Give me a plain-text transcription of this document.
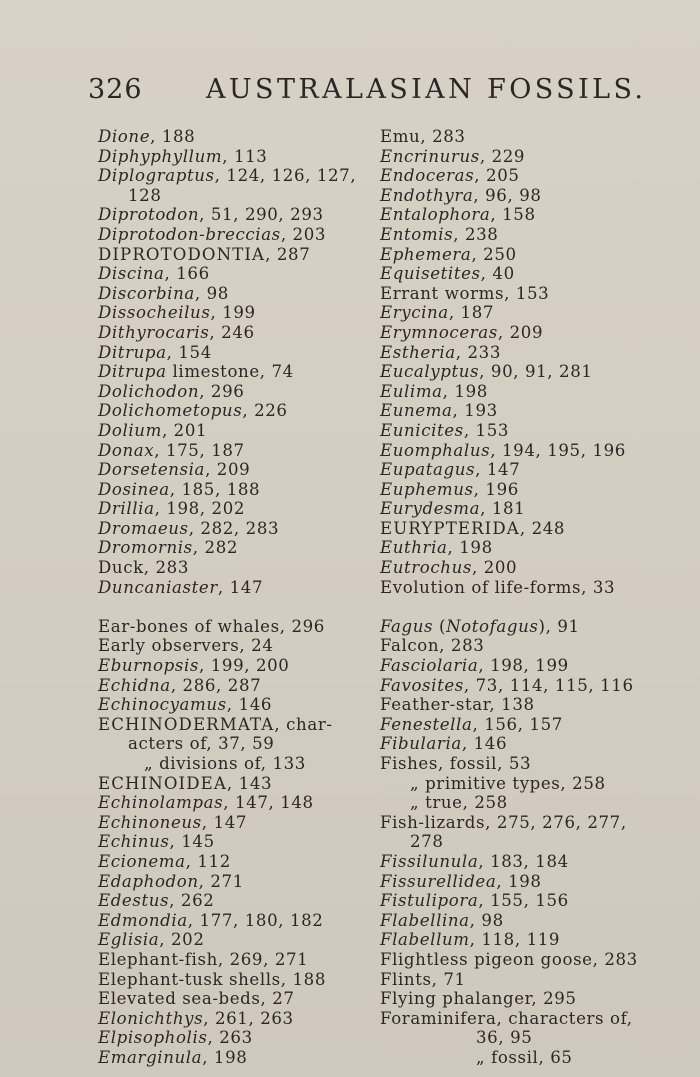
326 AUSTRALASIAN FOSSILS.
Dione, 188
Diphyphyllum, 113
Diplograptus, 124, 126, 127,
128
Diprotodon, 51, 290, 293
Diprotodon-breccias, 203
DIPROTODONTIA, 287
Discina, 166
Discorbina, 98
Dissocheilus, 199
Dithyrocaris, 246
Ditrupa, 154
Ditrupa limestone, 74
Dolichodon, 296
Dolichometopus, 226
Dolium, 201
Donax, 175, 187
Dorsetensia, 209
Dosinea, 185, 188
Drillia, 198, 202
Dromaeus, 282, 283
Dromornis, 282
Duck, 283
Duncaniaster, 147
Ear-bones of whales, 296
Early observers, 24
Eburnopsis, 199, 200
Echidna, 286, 287
Echinocyamus, 146
ECHINODERMATA, char-
acters of, 37, 59
„ divisions of, 133
ECHINOIDEA, 143
Echinolampas, 147, 148
Echinoneus, 147
Echinus, 145
Ecionema, 112
Edaphodon, 271
Edestus, 262
Edmondia, 177, 180, 182
Eglisia, 202
Elephant-fish, 269, 271
Elephant-tusk shells, 188
Elevated sea-beds, 27
Elonichthys, 261, 263
Elpisopholis, 263
Emarginula, 198
Emu, 283
Encrinurus, 229
Endoceras, 205
Endothyra, 96, 98
Entalophora, 158
Entomis, 238
Ephemera, 250
Equisetites, 40
Errant worms, 153
Erycina, 187
Erymnoceras, 209
Estheria, 233
Eucalyptus, 90, 91, 281
Eulima, 198
Eunema, 193
Eunicites, 153
Euomphalus, 194, 195, 196
Eupatagus, 147
Euphemus, 196
Eurydesma, 181
EURYPTERIDA, 248
Euthria, 198
Eutrochus, 200
Evolution of life-forms, 33
Fagus (Notofagus), 91
Falcon, 283
Fasciolaria, 198, 199
Favosites, 73, 114, 115, 116
Feather-star, 138
Fenestella, 156, 157
Fibularia, 146
Fishes, fossil, 53
„ primitive types, 258
„ true, 258
Fish-lizards, 275, 276, 277,
278
Fissilunula, 183, 184
Fissurellidea, 198
Fistulipora, 155, 156
Flabellina, 98
Flabellum, 118, 119
Flightless pigeon goose, 283
Flints, 71
Flying phalanger, 295
Foraminifera, characters of,
36, 95
„ fossil, 65
